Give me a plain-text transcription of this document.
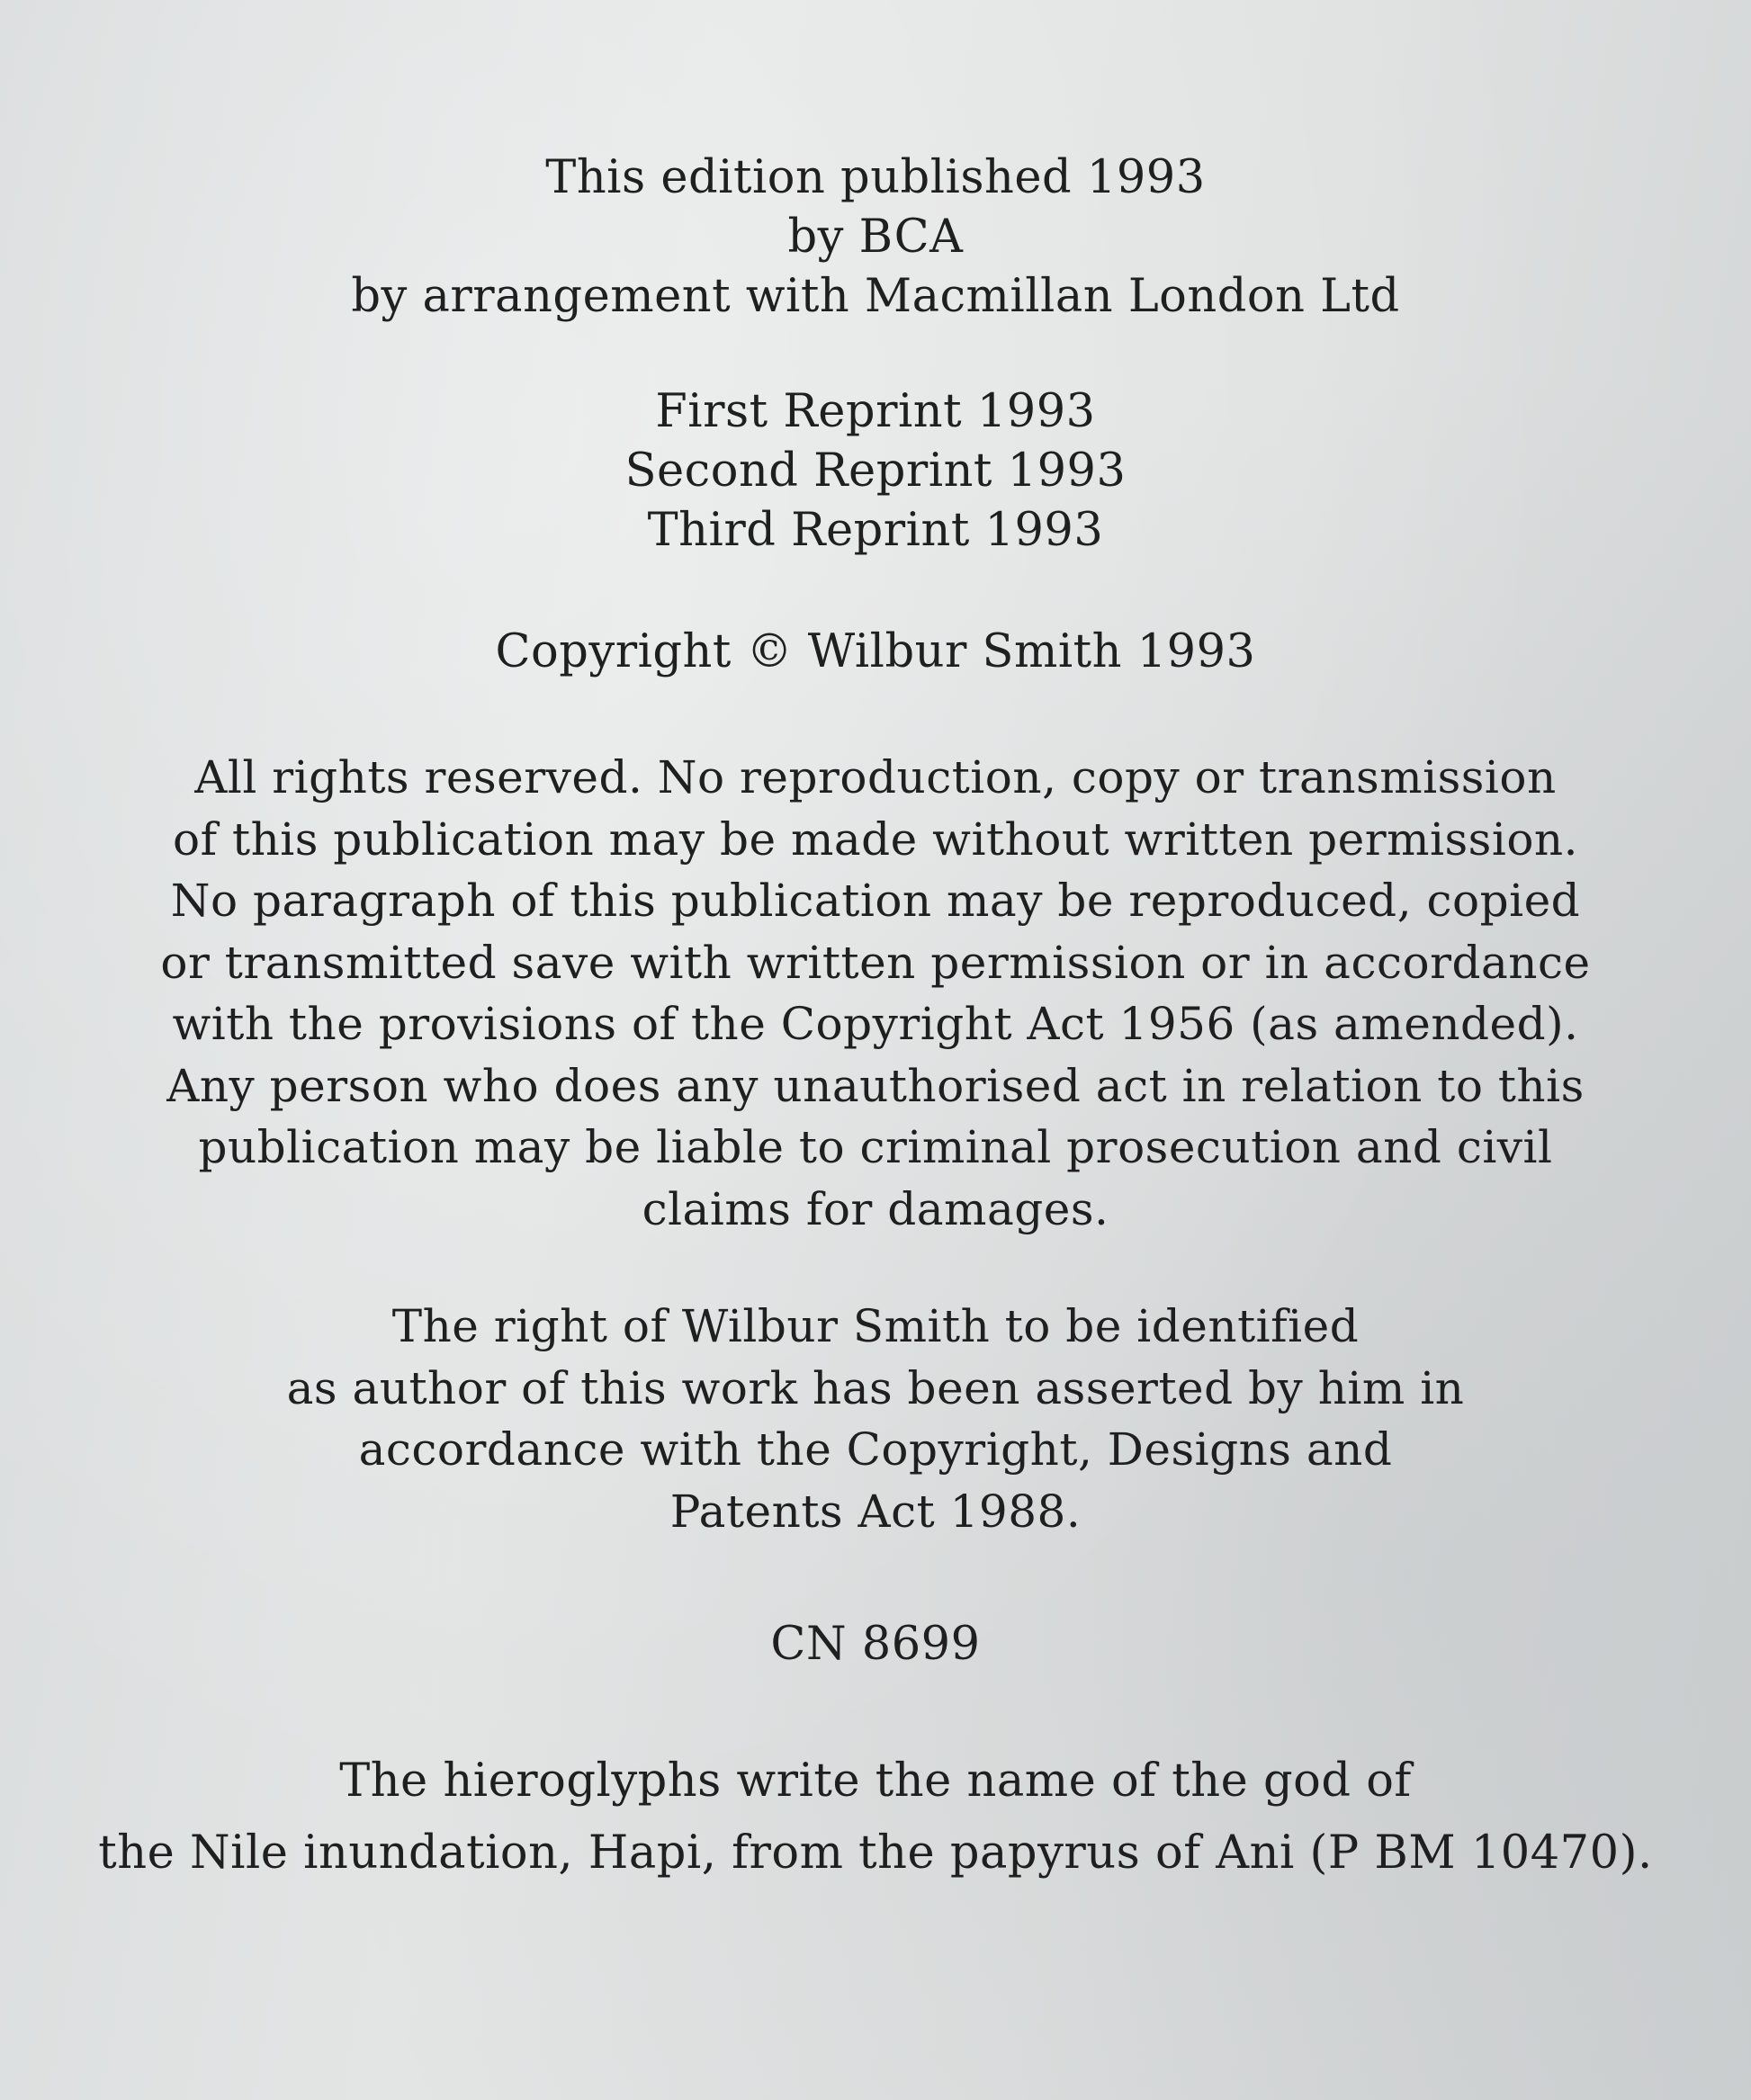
This edition published 1993
by BCA
by arrangement with Macmillan London Ltd
First Reprint 1993
Second Reprint 1993
Third Reprint 1993
Copyright © Wilbur Smith 1993
All rights reserved. No reproduction, copy or transmission
of this publication may be made without written permission.
No paragraph of this publication may be reproduced, copied
or transmitted save with written permission or in accordance
with the provisions of the Copyright Act 1956 (as amended).
Any person who does any unauthorised act in relation to this
publication may be liable to criminal prosecution and civil
claims for damages.
The right of Wilbur Smith to be identified
as author of this work has been asserted by him in
accordance with the Copyright, Designs and
Patents Act 1988.
CN 8699
The hieroglyphs write the name of the god of
the Nile inundation, Hapi, from the papyrus of Ani (P BM 10470).
